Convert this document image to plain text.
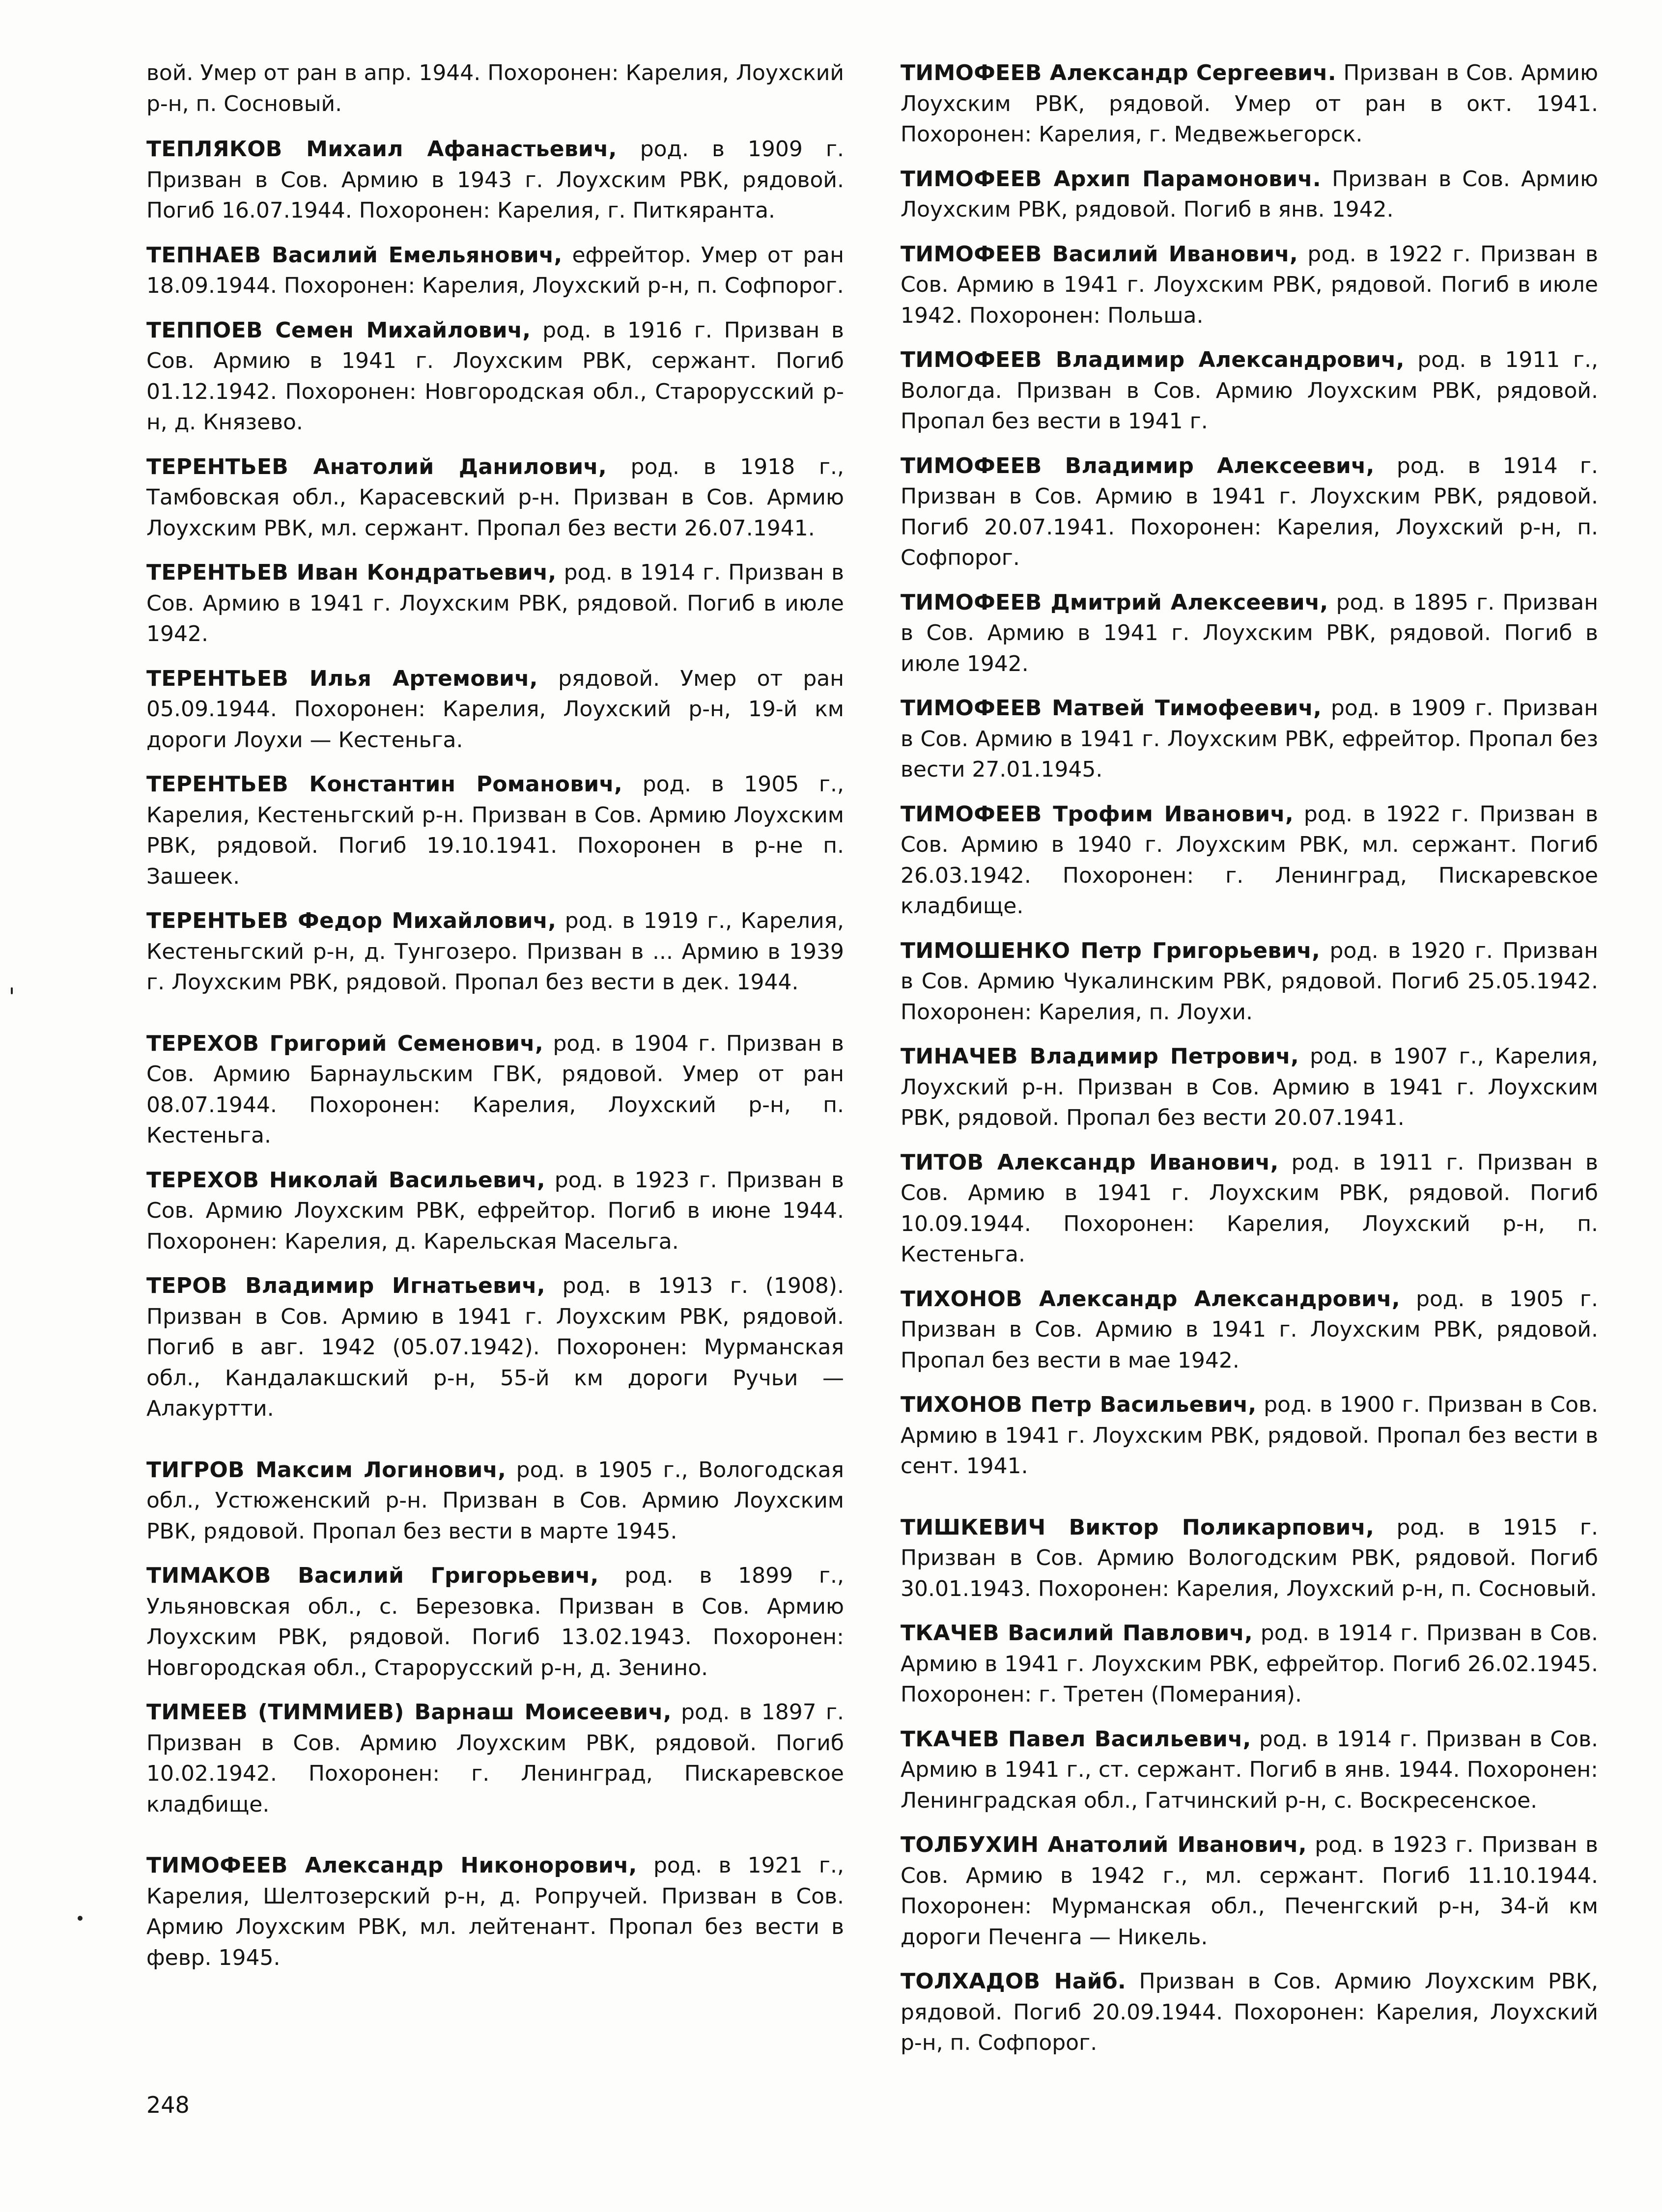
вой. Умер от ран в апр. 1944. Похоронен: Карелия, Лоухский р-н, п. Сосновый.

ТЕПЛЯКОВ Михаил Афанастьевич, род. в 1909 г. Призван в Сов. Армию в 1943 г. Лоухским РВК, рядовой. Погиб 16.07.1944. Похоронен: Карелия, г. Питкяранта.

ТЕПНАЕВ Василий Емельянович, ефрейтор. Умер от ран 18.09.1944. Похоронен: Карелия, Лоухский р-н, п. Софпорог.

ТЕППОЕВ Семен Михайлович, род. в 1916 г. Призван в Сов. Армию в 1941 г. Лоухским РВК, сержант. Погиб 01.12.1942. Похоронен: Новгородская обл., Старорусский р-н, д. Князево.

ТЕРЕНТЬЕВ Анатолий Данилович, род. в 1918 г., Тамбовская обл., Карасевский р-н. Призван в Сов. Армию Лоухским РВК, мл. сержант. Пропал без вести 26.07.1941.

ТЕРЕНТЬЕВ Иван Кондратьевич, род. в 1914 г. Призван в Сов. Армию в 1941 г. Лоухским РВК, рядовой. Погиб в июле 1942.

ТЕРЕНТЬЕВ Илья Артемович, рядовой. Умер от ран 05.09.1944. Похоронен: Карелия, Лоухский р-н, 19-й км дороги Лоухи — Кестеньга.

ТЕРЕНТЬЕВ Константин Романович, род. в 1905 г., Карелия, Кестеньгский р-н. Призван в Сов. Армию Лоухским РВК, рядовой. Погиб 19.10.1941. Похоронен в р-не п. Зашеек.

ТЕРЕНТЬЕВ Федор Михайлович, род. в 1919 г., Карелия, Кестеньгский р-н, д. Тунгозеро. Призван в ... Армию в 1939 г. Лоухским РВК, рядовой. Пропал без вести в дек. 1944.

ТЕРЕХОВ Григорий Семенович, род. в 1904 г. Призван в Сов. Армию Барнаульским ГВК, рядовой. Умер от ран 08.07.1944. Похоронен: Карелия, Лоухский р-н, п. Кестеньга.

ТЕРЕХОВ Николай Васильевич, род. в 1923 г. Призван в Сов. Армию Лоухским РВК, ефрейтор. Погиб в июне 1944. Похоронен: Карелия, д. Карельская Масельга.

ТЕРОВ Владимир Игнатьевич, род. в 1913 г. (1908). Призван в Сов. Армию в 1941 г. Лоухским РВК, рядовой. Погиб в авг. 1942 (05.07.1942). Похоронен: Мурманская обл., Кандалакшский р-н, 55-й км дороги Ручьи — Алакуртти.

ТИГРОВ Максим Логинович, род. в 1905 г., Вологодская обл., Устюженский р-н. Призван в Сов. Армию Лоухским РВК, рядовой. Пропал без вести в марте 1945.

ТИМАКОВ Василий Григорьевич, род. в 1899 г., Ульяновская обл., с. Березовка. Призван в Сов. Армию Лоухским РВК, рядовой. Погиб 13.02.1943. Похоронен: Новгородская обл., Старорусский р-н, д. Зенино.

ТИМЕЕВ (ТИММИЕВ) Варнаш Моисеевич, род. в 1897 г. Призван в Сов. Армию Лоухским РВК, рядовой. Погиб 10.02.1942. Похоронен: г. Ленинград, Пискаревское кладбище.

ТИМОФЕЕВ Александр Никонорович, род. в 1921 г., Карелия, Шелтозерский р-н, д. Ропручей. Призван в Сов. Армию Лоухским РВК, мл. лейтенант. Пропал без вести в февр. 1945.

ТИМОФЕЕВ Александр Сергеевич. Призван в Сов. Армию Лоухским РВК, рядовой. Умер от ран в окт. 1941. Похоронен: Карелия, г. Медвежьегорск.

ТИМОФЕЕВ Архип Парамонович. Призван в Сов. Армию Лоухским РВК, рядовой. Погиб в янв. 1942.

ТИМОФЕЕВ Василий Иванович, род. в 1922 г. Призван в Сов. Армию в 1941 г. Лоухским РВК, рядовой. Погиб в июле 1942. Похоронен: Польша.

ТИМОФЕЕВ Владимир Александрович, род. в 1911 г., Вологда. Призван в Сов. Армию Лоухским РВК, рядовой. Пропал без вести в 1941 г.

ТИМОФЕЕВ Владимир Алексеевич, род. в 1914 г. Призван в Сов. Армию в 1941 г. Лоухским РВК, рядовой. Погиб 20.07.1941. Похоронен: Карелия, Лоухский р-н, п. Софпорог.

ТИМОФЕЕВ Дмитрий Алексеевич, род. в 1895 г. Призван в Сов. Армию в 1941 г. Лоухским РВК, рядовой. Погиб в июле 1942.

ТИМОФЕЕВ Матвей Тимофеевич, род. в 1909 г. Призван в Сов. Армию в 1941 г. Лоухским РВК, ефрейтор. Пропал без вести 27.01.1945.

ТИМОФЕЕВ Трофим Иванович, род. в 1922 г. Призван в Сов. Армию в 1940 г. Лоухским РВК, мл. сержант. Погиб 26.03.1942. Похоронен: г. Ленинград, Пискаревское кладбище.

ТИМОШЕНКО Петр Григорьевич, род. в 1920 г. Призван в Сов. Армию Чукалинским РВК, рядовой. Погиб 25.05.1942. Похоронен: Карелия, п. Лоухи.

ТИНАЧЕВ Владимир Петрович, род. в 1907 г., Карелия, Лоухский р-н. Призван в Сов. Армию в 1941 г. Лоухским РВК, рядовой. Пропал без вести 20.07.1941.

ТИТОВ Александр Иванович, род. в 1911 г. Призван в Сов. Армию в 1941 г. Лоухским РВК, рядовой. Погиб 10.09.1944. Похоронен: Карелия, Лоухский р-н, п. Кестеньга.

ТИХОНОВ Александр Александрович, род. в 1905 г. Призван в Сов. Армию в 1941 г. Лоухским РВК, рядовой. Пропал без вести в мае 1942.

ТИХОНОВ Петр Васильевич, род. в 1900 г. Призван в Сов. Армию в 1941 г. Лоухским РВК, рядовой. Пропал без вести в сент. 1941.

ТИШКЕВИЧ Виктор Поликарпович, род. в 1915 г. Призван в Сов. Армию Вологодским РВК, рядовой. Погиб 30.01.1943. Похоронен: Карелия, Лоухский р-н, п. Сосновый.

ТКАЧЕВ Василий Павлович, род. в 1914 г. Призван в Сов. Армию в 1941 г. Лоухским РВК, ефрейтор. Погиб 26.02.1945. Похоронен: г. Третен (Померания).

ТКАЧЕВ Павел Васильевич, род. в 1914 г. Призван в Сов. Армию в 1941 г., ст. сержант. Погиб в янв. 1944. Похоронен: Ленинградская обл., Гатчинский р-н, с. Воскресенское.

ТОЛБУХИН Анатолий Иванович, род. в 1923 г. Призван в Сов. Армию в 1942 г., мл. сержант. Погиб 11.10.1944. Похоронен: Мурманская обл., Печенгский р-н, 34-й км дороги Печенга — Никель.

ТОЛХАДОВ Найб. Призван в Сов. Армию Лоухским РВК, рядовой. Погиб 20.09.1944. Похоронен: Карелия, Лоухский р-н, п. Софпорог.

248
